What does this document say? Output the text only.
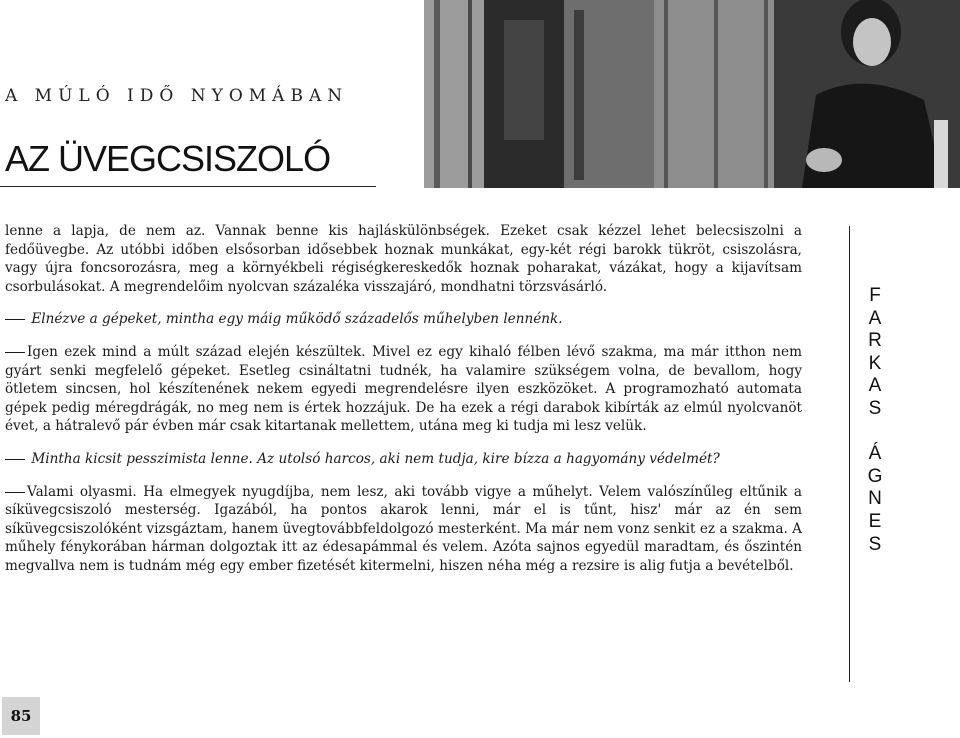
A MÚLÓ IDŐ NYOMÁBAN
AZ ÜVEGCSISZOLÓ

lenne a lapja, de nem az. Vannak benne kis hajláskülönbségek. Ezeket csak kézzel lehet belecsiszolni a fedőüvegbe. Az utóbbi időben elsősorban idősebbek hoznak munkákat, egy-két régi barokk tükröt, csiszolásra, vagy újra foncsorozásra, meg a környékbeli régiségkereskedők hoznak poharakat, vázákat, hogy a kijavítsam csorbulásokat. A megrendelőim nyolcvan százaléka visszajáró, mondhatni törzsvásárló.

Elnézve a gépeket, mintha egy máig működő századelős műhelyben lennénk.

Igen ezek mind a múlt század elején készültek. Mivel ez egy kihaló félben lévő szakma, ma már itthon nem gyárt senki megfelelő gépeket. Esetleg csináltatni tudnék, ha valamire szükségem volna, de bevallom, hogy ötletem sincsen, hol készítenének nekem egyedi megrendelésre ilyen eszközöket. A programozható automata gépek pedig méregdrágák, no meg nem is értek hozzájuk. De ha ezek a régi darabok kibírták az elmúl nyolcvanöt évet, a hátralevő pár évben már csak kitartanak mellettem, utána meg ki tudja mi lesz velük.

Mintha kicsit pesszimista lenne. Az utolsó harcos, aki nem tudja, kire bízza a hagyomány védelmét?

Valami olyasmi. Ha elmegyek nyugdíjba, nem lesz, aki tovább vigye a műhelyt. Velem valószínűleg eltűnik a síküvegcsiszoló mesterség. Igazából, ha pontos akarok lenni, már el is tűnt, hisz' már az én sem síküvegcsiszolóként vizsgáztam, hanem üvegtovábbfeldolgozó mesterként. Ma már nem vonz senkit ez a szakma. A műhely fénykorában hárman dolgoztak itt az édesapámmal és velem. Azóta sajnos egyedül maradtam, és őszintén megvallva nem is tudnám még egy ember fizetését kitermelni, hiszen néha még a rezsire is alig futja a bevételből.

F
A
R
K
A
S
Á
G
N
E
S
85
